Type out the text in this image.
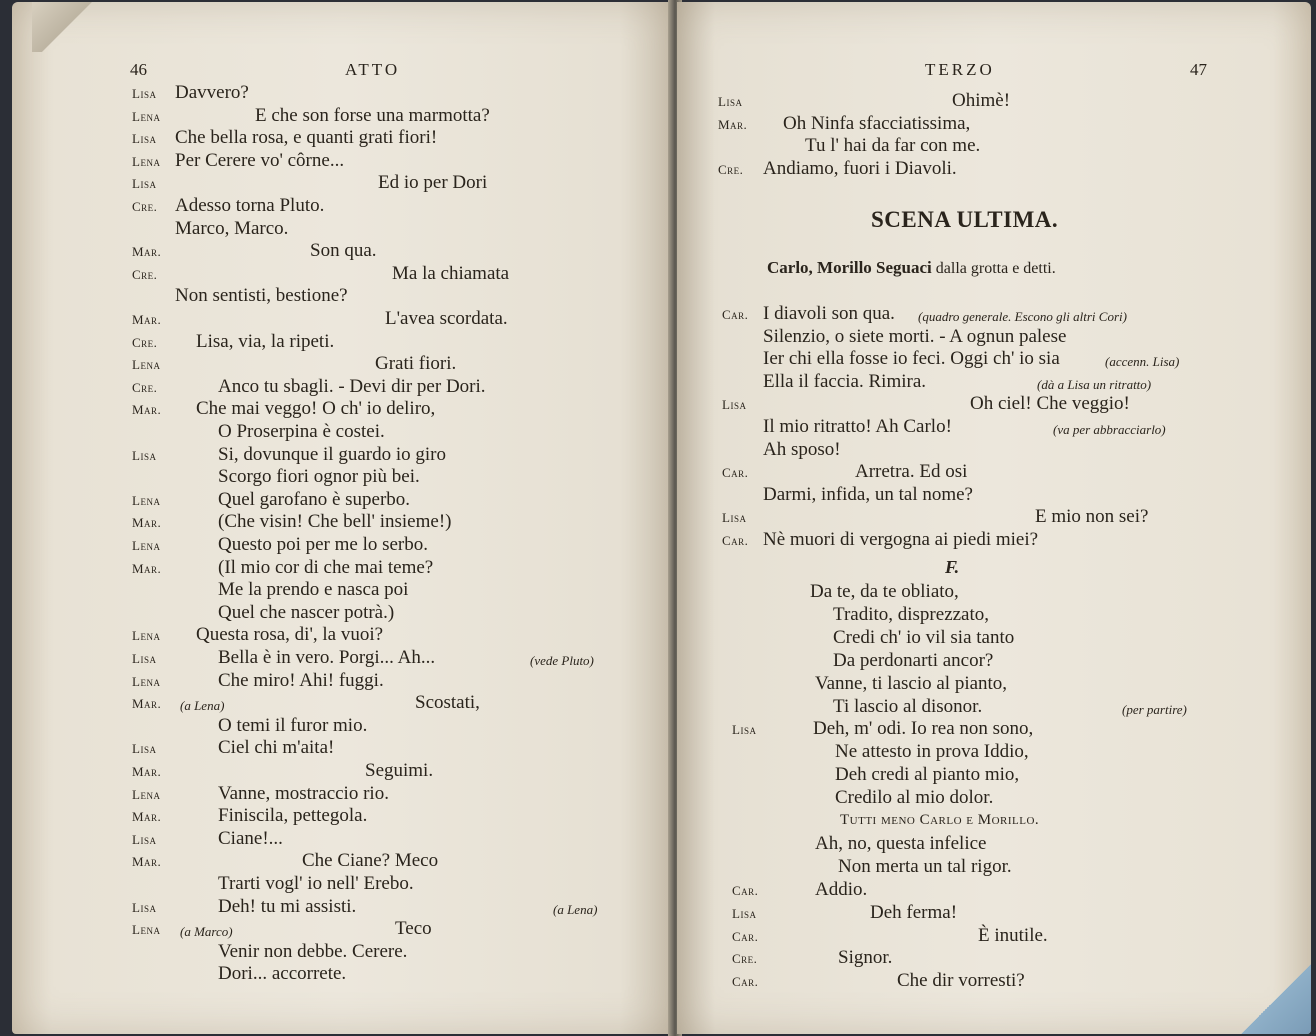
46	ATTO
Lisa Davvero?
Lena	E che son forse una marmotta?
Lisa Che bella rosa, e quanti grati fiori!
Lena Per Cerere vo' côrne...
Lisa	Ed io per Dori
Cre. Adesso torna Pluto.
Marco, Marco.
Mar.	Son qua.
Cre.	Ma la chiamata
Non sentisti, bestione?
Mar.	L'avea scordata.
Cre. Lisa, via, la ripeti.
Lena	Grati fiori.
Cre.	Anco tu sbagli. - Devi dir per Dori.
Mar. Che mai veggo! O ch' io deliro,
O Proserpina è costei.
Lisa	Si, dovunque il guardo io giro
Scorgo fiori ognor più bei.
Lena	Quel garofano è superbo.
Mar.	(Che visin! Che bell' insieme!)
Lena	Questo poi per me lo serbo.
Mar.	(Il mio cor di che mai teme?
Me la prendo e nasca poi
Quel che nascer potrà.)
Lena Questa rosa, di', la vuoi?
Lisa	Bella è in vero. Porgi... Ah...	(vede Pluto)
Lena	Che miro! Ahi! fuggi.
Mar. (a Lena)	Scostati,
O temi il furor mio.
Lisa	Ciel chi m'aita!
Mar.	Seguimi.
Lena	Vanne, mostraccio rio.
Mar.	Finiscila, pettegola.
Lisa	Ciane!...
Mar.	Che Ciane? Meco
Trarti vogl' io nell' Erebo.
Lisa	Deh! tu mi assisti.	(a Lena)
Lena (a Marco)	Teco
Venir non debbe. Cerere.
Dori... accorrete.
TERZO	47
Lisa	Ohimè!
Mar. Oh Ninfa sfacciatissima,
Tu l' hai da far con me.
Cre. Andiamo, fuori i Diavoli.
SCENA ULTIMA.
Carlo, Morillo Seguaci dalla grotta e detti.
Car. I diavoli son qua. (quadro generale. Escono gli altri Cori)
Silenzio, o siete morti. - A ognun palese
Ier chi ella fosse io feci. Oggi ch' io sia	(accenn. Lisa)
Ella il faccia. Rimira.	(dà a Lisa un ritratto)
Lisa	Oh ciel! Che veggio!
Il mio ritratto! Ah Carlo!	(va per abbracciarlo)
Ah sposo!
Car.	Arretra. Ed osi
Darmi, infida, un tal nome?
Lisa	E mio non sei?
Car. Nè muori di vergogna ai piedi miei?
F.
Da te, da te obliato,
Tradito, disprezzato,
Credi ch' io vil sia tanto
Da perdonarti ancor?
Vanne, ti lascio al pianto,
Ti lascio al disonor.	(per partire)
Lisa	Deh, m' odi. Io rea non sono,
Ne attesto in prova Iddio,
Deh credi al pianto mio,
Credilo al mio dolor.
Tutti meno Carlo e Morillo.
Ah, no, questa infelice
Non merta un tal rigor.
Car.	Addio.
Lisa	Deh ferma!
Car.	È inutile.
Cre.	Signor.
Car.	Che dir vorresti?
